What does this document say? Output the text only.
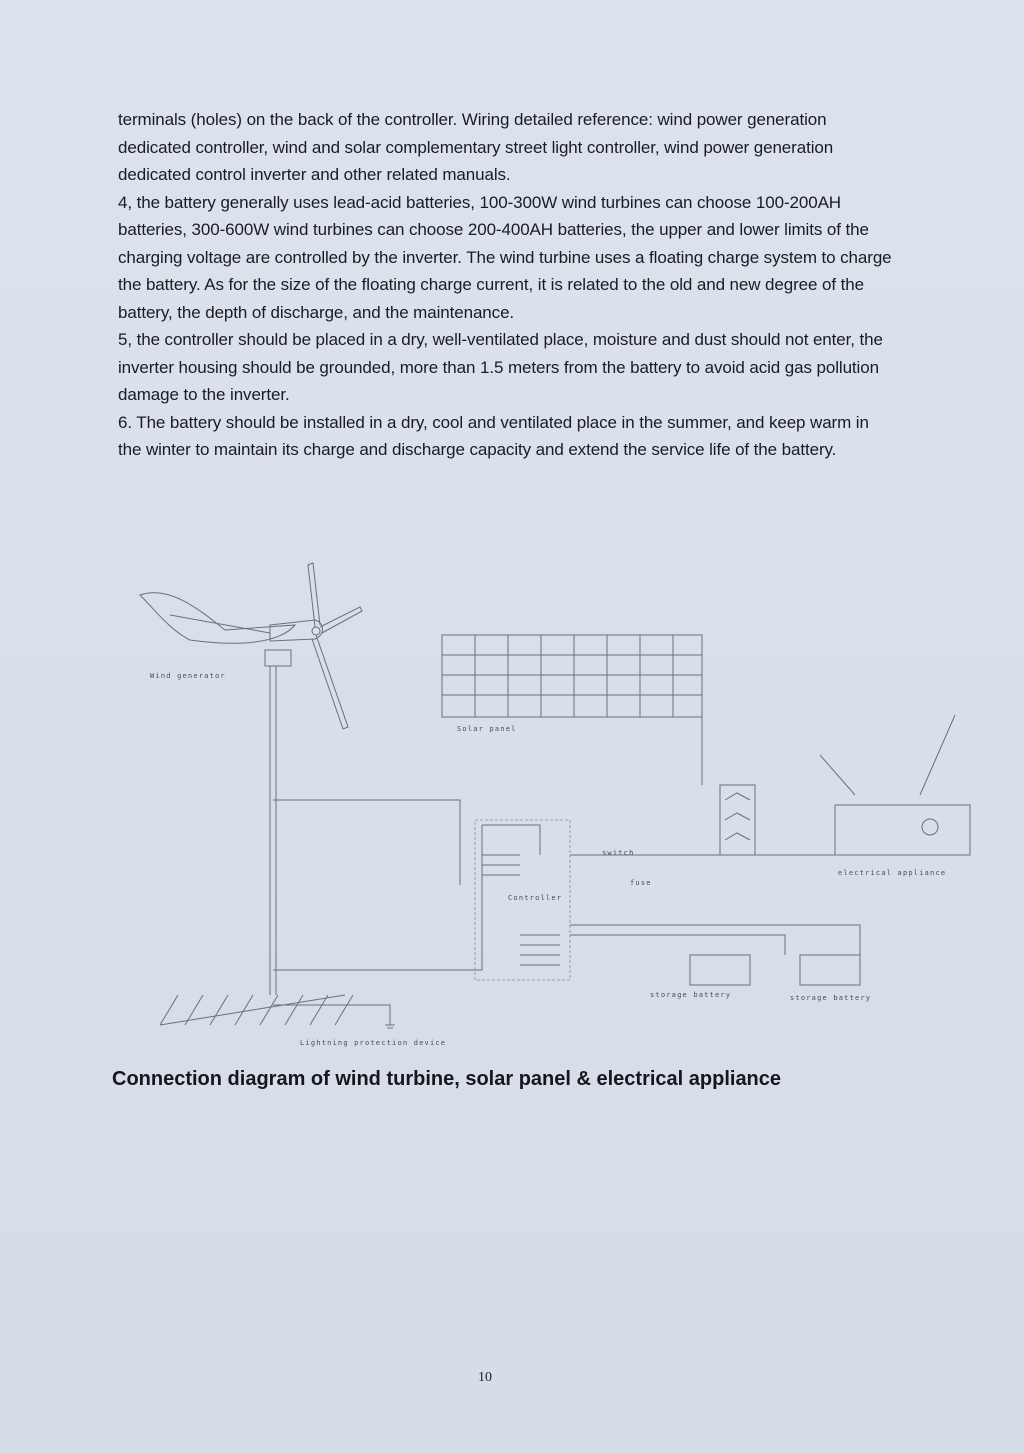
terminals (holes) on the back of the controller. Wiring detailed reference: wind power generation dedicated controller, wind and solar complementary street light controller, wind power generation dedicated control inverter and other related manuals.

4, the battery generally uses lead-acid batteries, 100-300W wind turbines can choose 100-200AH batteries, 300-600W wind turbines can choose 200-400AH batteries, the upper and lower limits of the charging voltage are controlled by the inverter. The wind turbine uses a floating charge system to charge the battery. As for the size of the floating charge current, it is related to the old and new degree of the battery, the depth of discharge, and the maintenance.

5, the controller should be placed in a dry, well-ventilated place, moisture and dust should not enter, the inverter housing should be grounded, more than 1.5 meters from the battery to avoid acid gas pollution damage to the inverter.

6. The battery should be installed in a dry, cool and ventilated place in the summer, and keep warm in the winter to maintain its charge and discharge capacity and extend the service life of the battery.

Wind generator
Solar panel
switch
fuse
Controller
electrical appliance
storage battery	storage battery
Lightning protection device
Connection diagram of wind turbine, solar panel & electrical appliance
10
